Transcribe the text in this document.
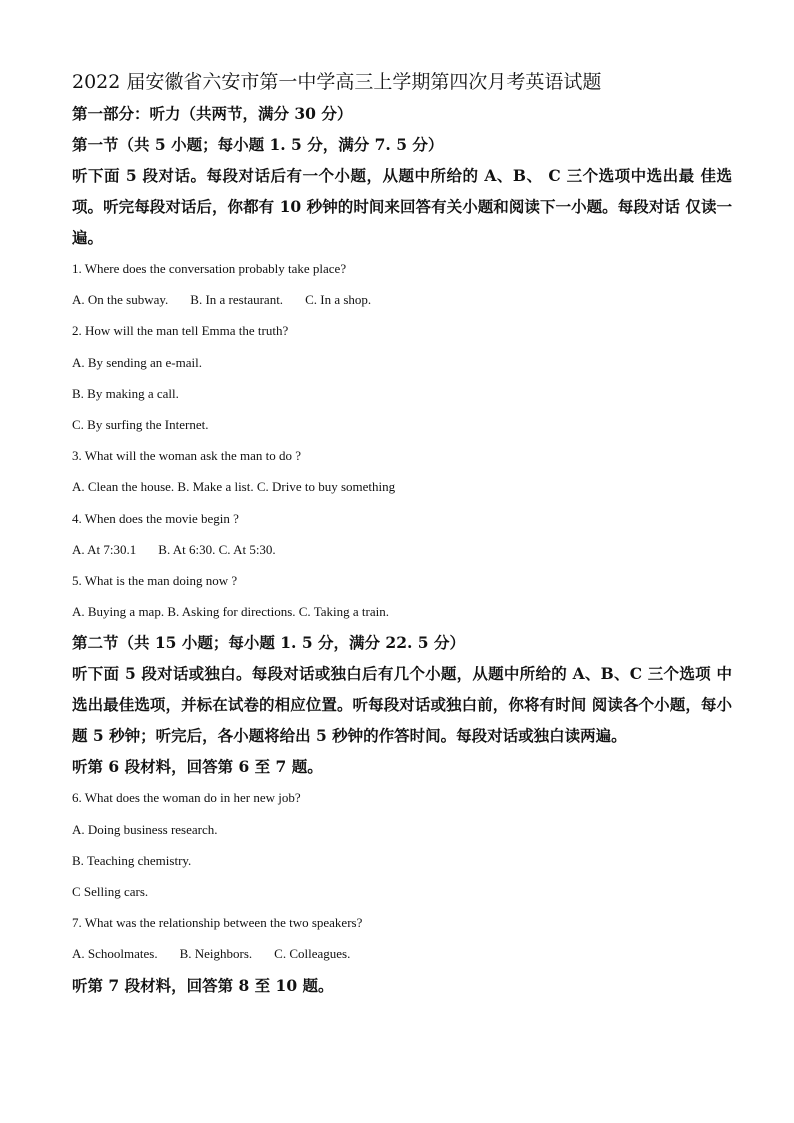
2022 届安徽省六安市第一中学高三上学期第四次月考英语试题

第一部分：听力（共两节，满分 30 分）

第一节（共 5 小题；每小题 1. 5 分，满分 7. 5 分）

听下面 5 段对话。每段对话后有一个小题，从题中所给的 A、B、 C 三个选项中选出最 佳选项。听完每段对话后，你都有 10 秒钟的时间来回答有关小题和阅读下一小题。每段对话 仅读一遍。

1. Where does the conversation probably take place?

A. On the subway. B. In a restaurant. C. In a shop.

2. How will the man tell Emma the truth?

A. By sending an e-mail.

B. By making a call.

C. By surfing the Internet.

3. What will the woman ask the man to do ?

A. Clean the house. B. Make a list. C. Drive to buy something

4. When does the movie begin ?

A. At 7:30.1 B. At 6:30. C. At 5:30.

5. What is the man doing now ?

A. Buying a map. B. Asking for directions. C. Taking a train.

第二节（共 15 小题；每小题 1. 5 分，满分 22. 5 分）

听下面 5 段对话或独白。每段对话或独白后有几个小题，从题中所给的 A、B、C 三个选项 中选出最佳选项，并标在试卷的相应位置。听每段对话或独白前，你将有时间 阅读各个小题，每小题 5 秒钟；听完后，各小题将给出 5 秒钟的作答时间。每段对话或独白读两遍。

听第 6 段材料，回答第 6 至 7 题。

6. What does the woman do in her new job?

A. Doing business research.

B. Teaching chemistry.

C Selling cars.

7. What was the relationship between the two speakers?

A. Schoolmates. B. Neighbors. C. Colleagues.

听第 7 段材料，回答第 8 至 10 题。
